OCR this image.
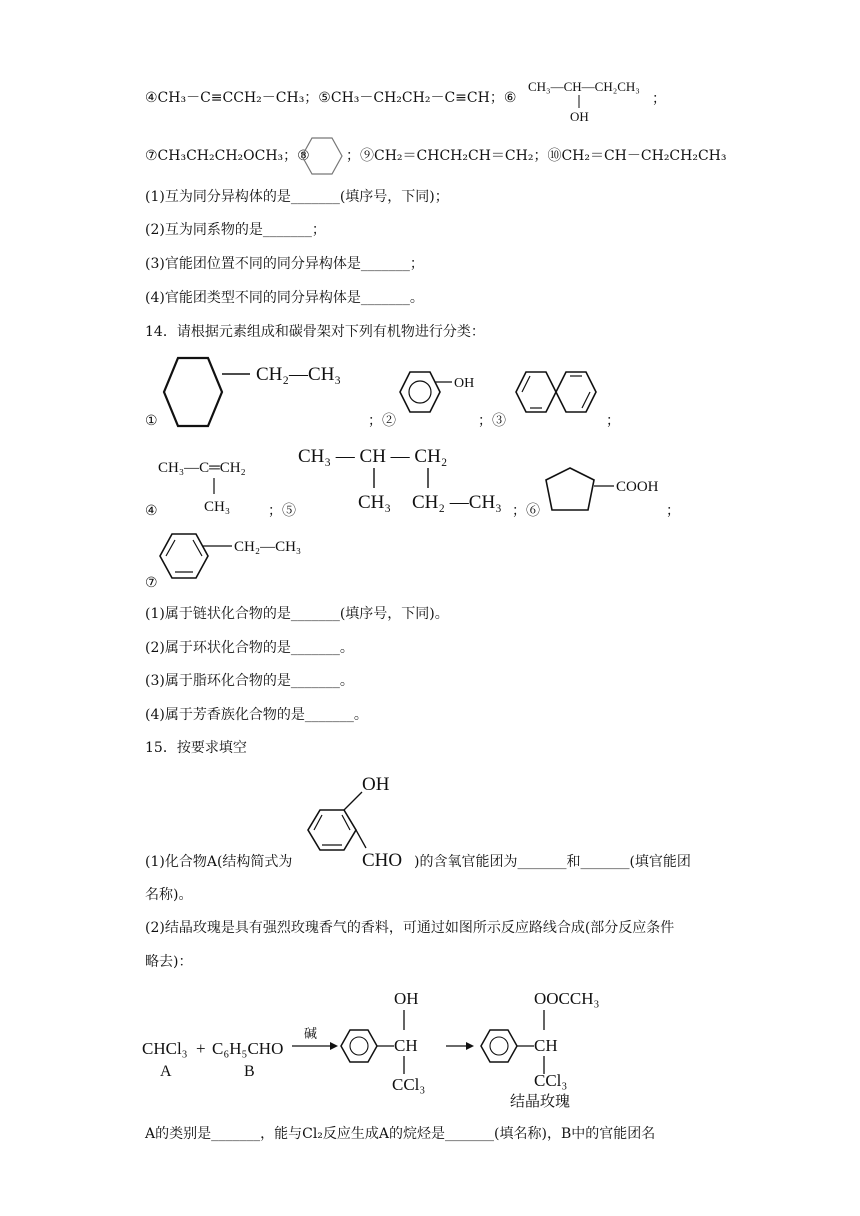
④CH₃－C≡CCH₂－CH₃；⑤CH₃－CH₂CH₂－C≡CH；⑥
CH₃—CH—CH₂CH₃
OH
；
⑦CH₃CH₂CH₂OCH₃；⑧	；⑨CH₂＝CHCH₂CH＝CH₂；⑩CH₂＝CH－CH₂CH₂CH₃
(1)互为同分异构体的是_______(填序号，下同)；
(2)互为同系物的是_______；
(3)官能团位置不同的同分异构体是_______；
(4)官能团类型不同的同分异构体是_______。
14．请根据元素组成和碳骨架对下列有机物进行分类：
①
CH₂—CH₃
；②
OH
；③	；
④
CH₃—C═CH₂
CH₃	；⑤
CH₃ — CH — CH₂
CH₃ CH₂ —CH₃ ；⑥
COOH
；
⑦
CH₂—CH₃
(1)属于链状化合物的是_______(填序号，下同)。
(2)属于环状化合物的是_______。
(3)属于脂环化合物的是_______。
(4)属于芳香族化合物的是_______。
15．按要求填空
(1)化合物A(结构简式为
OH
CHO )的含氧官能团为_______和_______(填官能团
名称)。
(2)结晶玫瑰是具有强烈玫瑰香气的香料，可通过如图所示反应路线合成(部分反应条件
略去)：
CHCl₃ + C₆H₅CHO
A	B
碱
OH
CH
CCl₃
OOCCH₃
CH
CCl₃
结晶玫瑰
A的类别是_______，能与Cl₂反应生成A的烷烃是_______(填名称)，B中的官能团名
